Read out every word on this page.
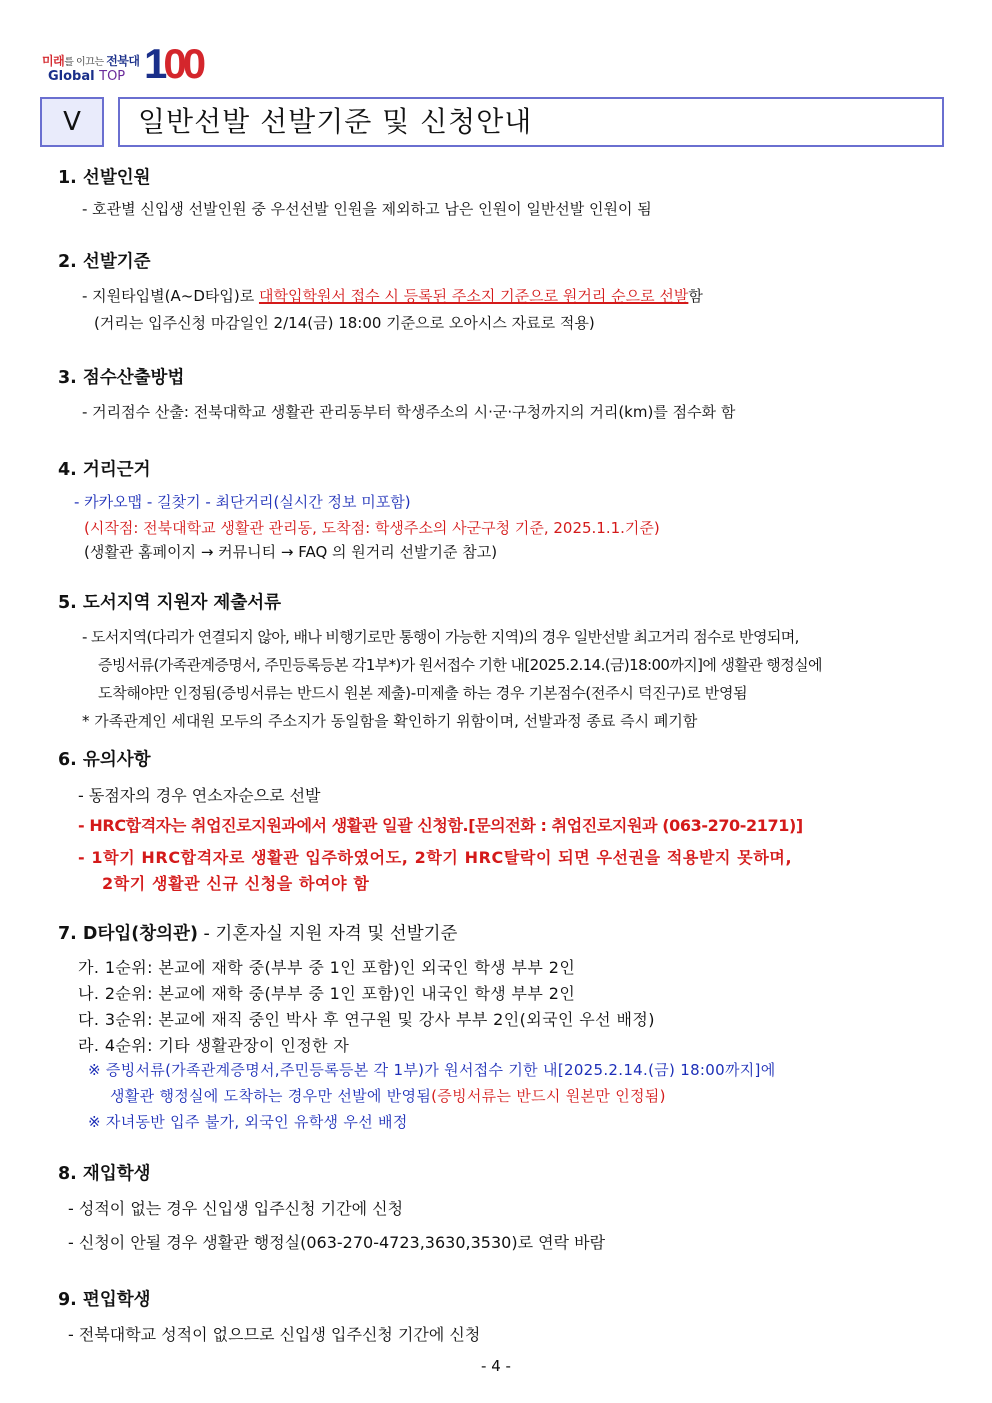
미래를 이끄는 전북대
Global TOP 100
V	일반선발 선발기준 및 신청안내
1. 선발인원
- 호관별 신입생 선발인원 중 우선선발 인원을 제외하고 남은 인원이 일반선발 인원이 됨
2. 선발기준
- 지원타입별(A~D타입)로 대학입학원서 접수 시 등록된 주소지 기준으로 원거리 순으로 선발함
(거리는 입주신청 마감일인 2/14(금) 18:00 기준으로 오아시스 자료로 적용)
3. 점수산출방법
- 거리점수 산출: 전북대학교 생활관 관리동부터 학생주소의 시·군·구청까지의 거리(km)를 점수화 함
4. 거리근거
- 카카오맵 - 길찾기 - 최단거리(실시간 정보 미포함)
(시작점: 전북대학교 생활관 관리동, 도착점: 학생주소의 사군구청 기준, 2025.1.1.기준)
(생활관 홈페이지 → 커뮤니티 → FAQ 의 원거리 선발기준 참고)
5. 도서지역 지원자 제출서류
- 도서지역(다리가 연결되지 않아, 배나 비행기로만 통행이 가능한 지역)의 경우 일반선발 최고거리 점수로 반영되며,
증빙서류(가족관계증명서, 주민등록등본 각1부*)가 원서접수 기한 내[2025.2.14.(금)18:00까지]에 생활관 행정실에
도착해야만 인정됨(증빙서류는 반드시 원본 제출)-미제출 하는 경우 기본점수(전주시 덕진구)로 반영됨
* 가족관계인 세대원 모두의 주소지가 동일함을 확인하기 위함이며, 선발과정 종료 즉시 폐기함
6. 유의사항
- 동점자의 경우 연소자순으로 선발
- HRC합격자는 취업진로지원과에서 생활관 일괄 신청함.[문의전화 : 취업진로지원과 (063-270-2171)]
- 1학기 HRC합격자로 생활관 입주하였어도, 2학기 HRC탈락이 되면 우선권을 적용받지 못하며,
2학기 생활관 신규 신청을 하여야 함
7. D타입(창의관) - 기혼자실 지원 자격 및 선발기준
가. 1순위: 본교에 재학 중(부부 중 1인 포함)인 외국인 학생 부부 2인
나. 2순위: 본교에 재학 중(부부 중 1인 포함)인 내국인 학생 부부 2인
다. 3순위: 본교에 재직 중인 박사 후 연구원 및 강사 부부 2인(외국인 우선 배정)
라. 4순위: 기타 생활관장이 인정한 자
※ 증빙서류(가족관계증명서,주민등록등본 각 1부)가 원서접수 기한 내[2025.2.14.(금) 18:00까지]에
생활관 행정실에 도착하는 경우만 선발에 반영됨(증빙서류는 반드시 원본만 인정됨)
※ 자녀동반 입주 불가, 외국인 유학생 우선 배정
8. 재입학생
- 성적이 없는 경우 신입생 입주신청 기간에 신청
- 신청이 안될 경우 생활관 행정실(063-270-4723,3630,3530)로 연락 바람
9. 편입학생
- 전북대학교 성적이 없으므로 신입생 입주신청 기간에 신청
- 4 -
